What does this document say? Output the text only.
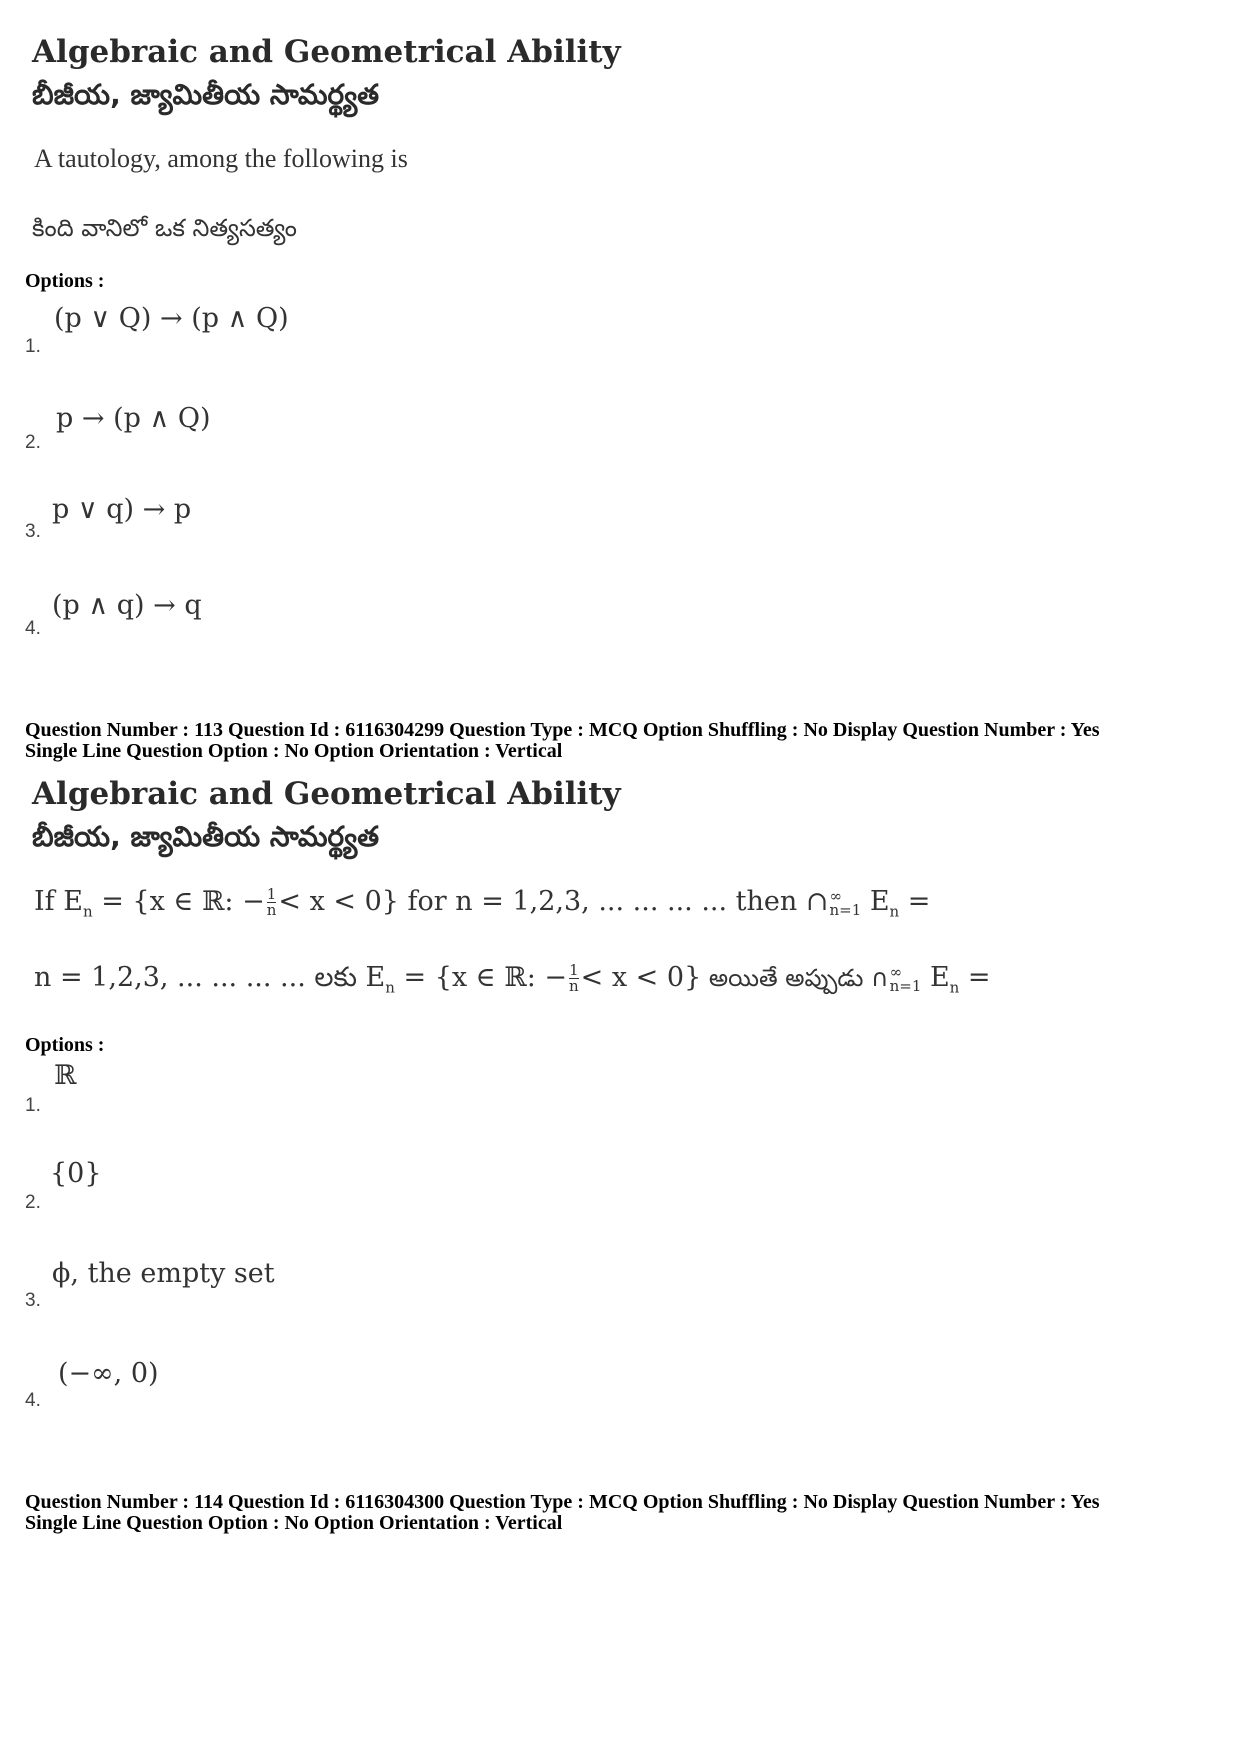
Algebraic and Geometrical Ability
బీజీయ, జ్యామితీయ సామర్థ్యత
A tautology, among the following is
కింది వానిలో ఒక నిత్యసత్యం
Options :
1.
(p ∨ Q) → (p ∧ Q)
2.
p → (p ∧ Q)
3.
p ∨ q) → p
4.
(p ∧ q) → q
Question Number : 113 Question Id : 6116304299 Question Type : MCQ Option Shuffling : No Display Question Number : Yes
Single Line Question Option : No Option Orientation : Vertical
Algebraic and Geometrical Ability
బీజీయ, జ్యామితీయ సామర్థ్యత
If $E_n = \{x$ ∈ ℝ: − $\frac{1}{n} < x < 0$} for n = 1,2,3, ... ... ... ... then ∩ ∞
n=1 $E_n$ =
n = 1,2,3, ... ... ... ... లకు $E_n = \{x$ ∈ ℝ: − $\frac{1}{n} < x < 0$} అయితే అప్పుడు ∩ ∞
n=1 $E_n$ =
Options :
1.
ℝ
2.
{0}
3.
ϕ, the empty set
4.
(−∞, 0)
Question Number : 114 Question Id : 6116304300 Question Type : MCQ Option Shuffling : No Display Question Number : Yes
Single Line Question Option : No Option Orientation : Vertical
